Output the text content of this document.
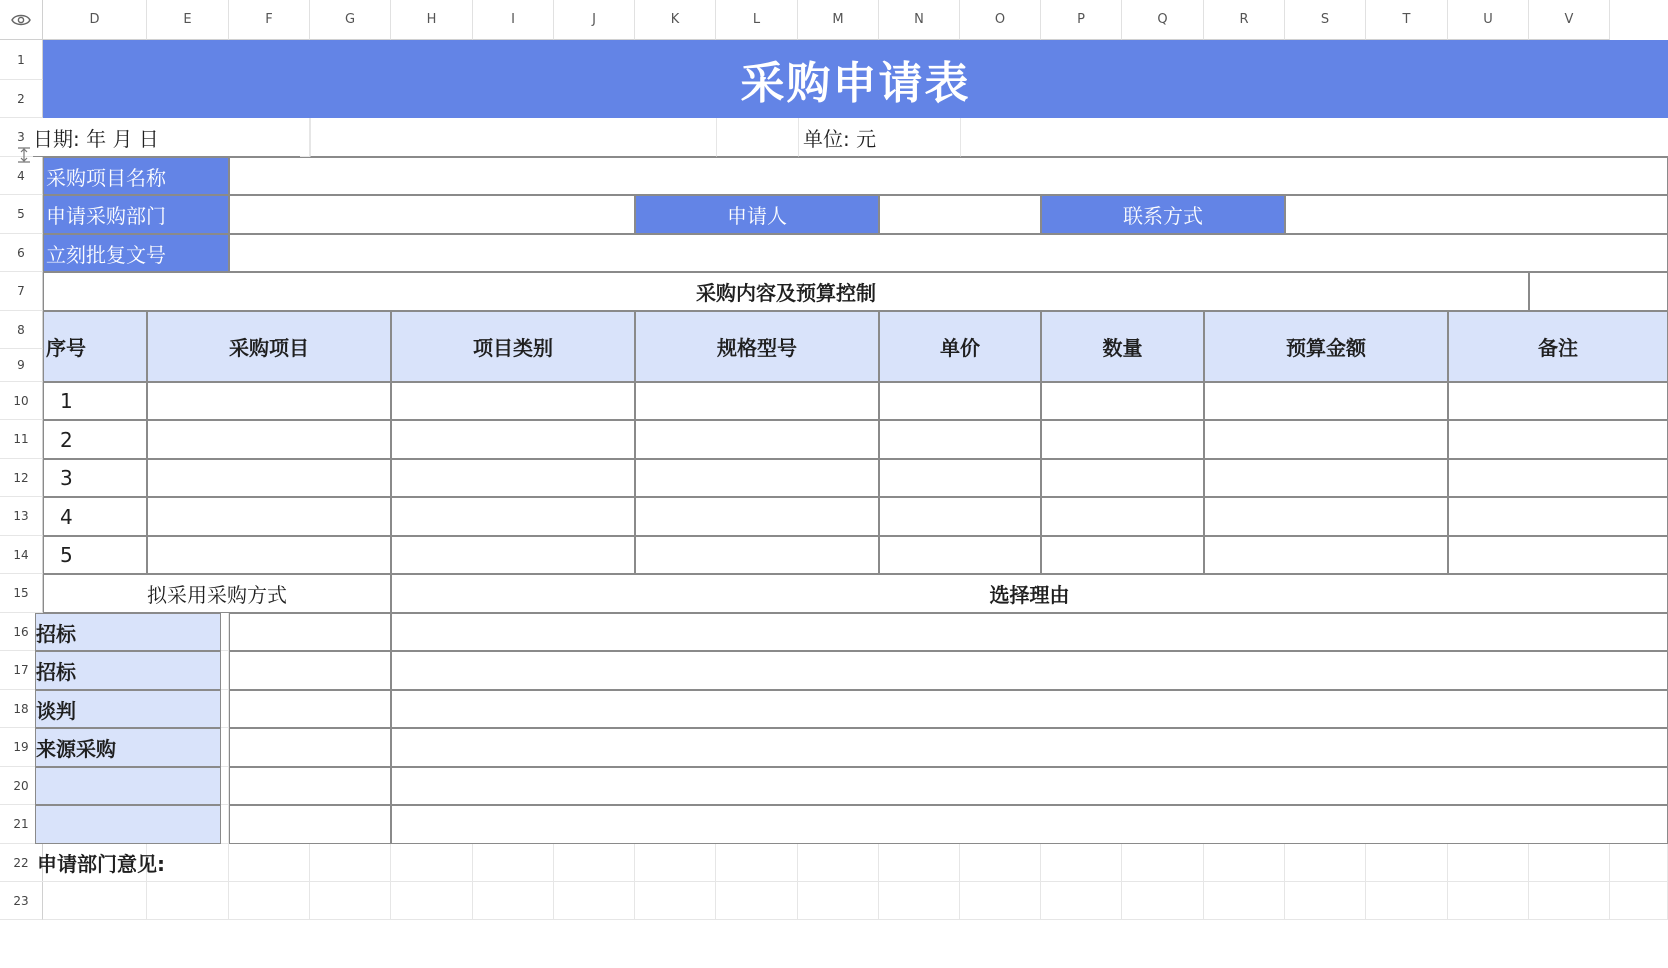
D	E	F	G	H	I	J	K	L	M	N	O	P	Q	R	S	T	U	V
1
2
3
4
5
6
7
8
9
10
11
12
13
14
15
16
17
18
19
20
21
22
23
采购申请表
日期: 年 月 日	单位: 元
采购项目名称
申请采购部门	申请人	联系方式
立刻批复文号
采购内容及预算控制
序号	采购项目	项目类别	规格型号	单价	数量	预算金额	备注
1
2
3
4
5
拟采用采购方式	选择理由
招标
招标
谈判
来源采购
申请部门意见:
